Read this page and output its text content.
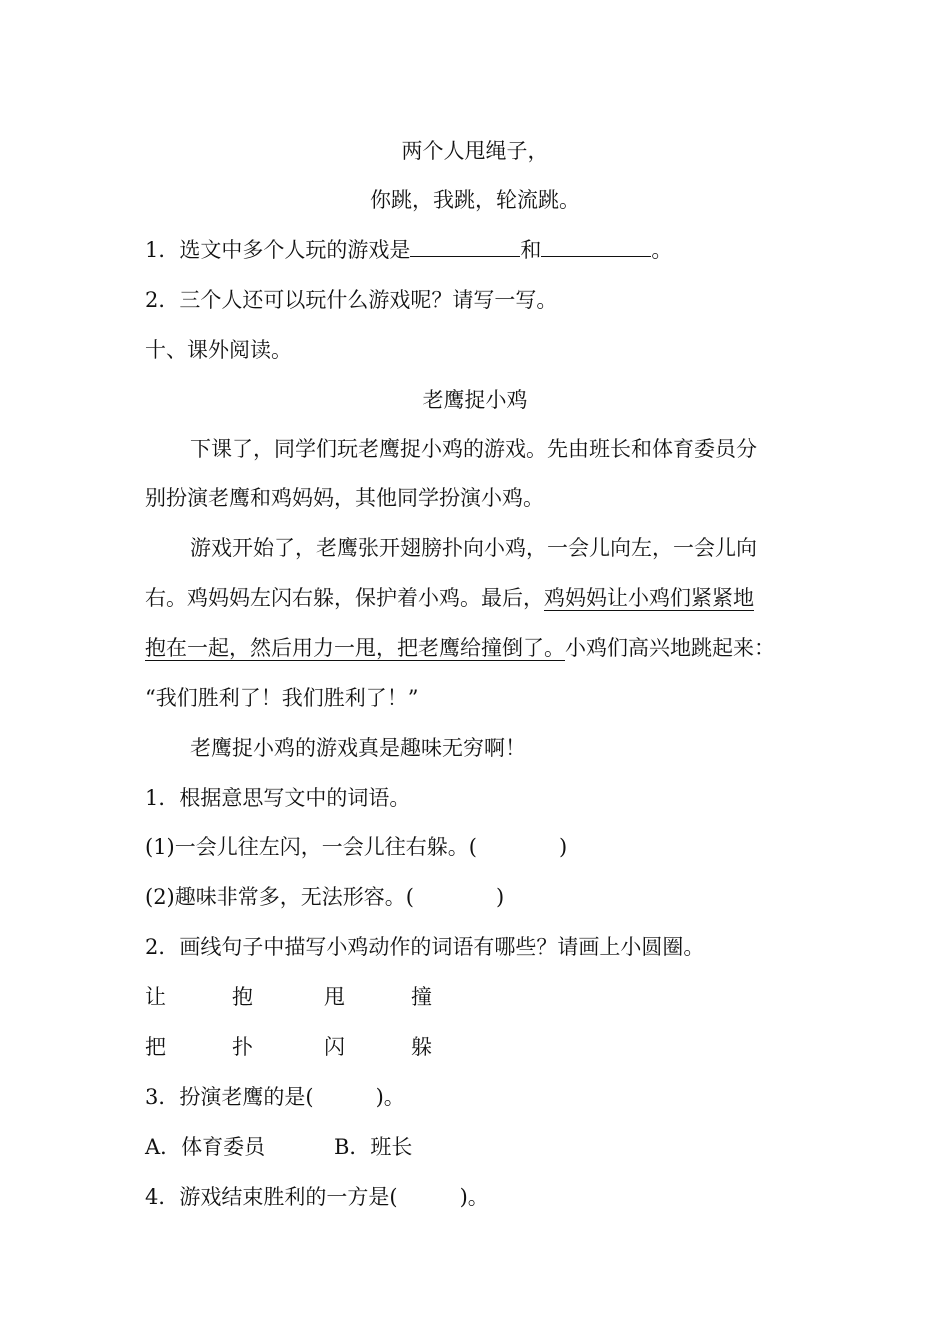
两个人甩绳子，
你跳，我跳，轮流跳。
1．选文中多个人玩的游戏是	和	。
2．三个人还可以玩什么游戏呢？请写一写。
十、课外阅读。
老鹰捉小鸡
下课了，同学们玩老鹰捉小鸡的游戏。先由班长和体育委员分
别扮演老鹰和鸡妈妈，其他同学扮演小鸡。
游戏开始了，老鹰张开翅膀扑向小鸡，一会儿向左，一会儿向
右。鸡妈妈左闪右躲，保护着小鸡。最后，鸡妈妈让小鸡们紧紧地
抱在一起，然后用力一甩，把老鹰给撞倒了。小鸡们高兴地跳起来：
“我们胜利了！我们胜利了！”
老鹰捉小鸡的游戏真是趣味无穷啊！
1．根据意思写文中的词语。
(1)一会儿往左闪，一会儿往右躲。(	)
(2)趣味非常多，无法形容。(	)
2．画线句子中描写小鸡动作的词语有哪些？请画上小圆圈。
让	抱	甩	撞
把	扑	闪	躲
3．扮演老鹰的是(	)。
A．体育委员	B．班长
4．游戏结束胜利的一方是(	)。
